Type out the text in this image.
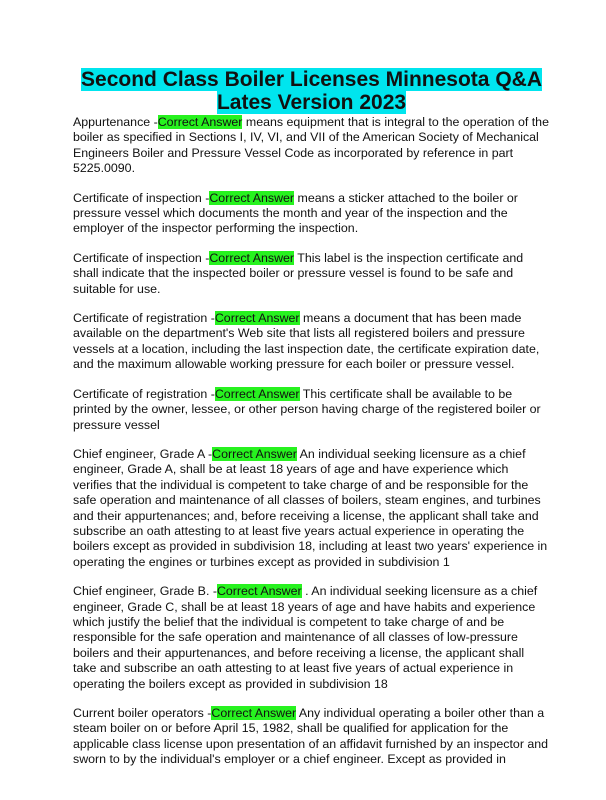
Second Class Boiler Licenses Minnesota Q&A Lates Version 2023

Appurtenance -Correct Answer means equipment that is integral to the operation of the boiler as specified in Sections I, IV, VI, and VII of the American Society of Mechanical Engineers Boiler and Pressure Vessel Code as incorporated by reference in part 5225.0090.

Certificate of inspection -Correct Answer means a sticker attached to the boiler or pressure vessel which documents the month and year of the inspection and the employer of the inspector performing the inspection.

Certificate of inspection -Correct Answer This label is the inspection certificate and shall indicate that the inspected boiler or pressure vessel is found to be safe and suitable for use.

Certificate of registration -Correct Answer means a document that has been made available on the department's Web site that lists all registered boilers and pressure vessels at a location, including the last inspection date, the certificate expiration date, and the maximum allowable working pressure for each boiler or pressure vessel.

Certificate of registration -Correct Answer This certificate shall be available to be printed by the owner, lessee, or other person having charge of the registered boiler or pressure vessel

Chief engineer, Grade A -Correct Answer An individual seeking licensure as a chief engineer, Grade A, shall be at least 18 years of age and have experience which verifies that the individual is competent to take charge of and be responsible for the safe operation and maintenance of all classes of boilers, steam engines, and turbines and their appurtenances; and, before receiving a license, the applicant shall take and subscribe an oath attesting to at least five years actual experience in operating the boilers except as provided in subdivision 18, including at least two years' experience in operating the engines or turbines except as provided in subdivision 1

Chief engineer, Grade B. -Correct Answer . An individual seeking licensure as a chief engineer, Grade C, shall be at least 18 years of age and have habits and experience which justify the belief that the individual is competent to take charge of and be responsible for the safe operation and maintenance of all classes of low-pressure boilers and their appurtenances, and before receiving a license, the applicant shall take and subscribe an oath attesting to at least five years of actual experience in operating the boilers except as provided in subdivision 18

Current boiler operators -Correct Answer Any individual operating a boiler other than a steam boiler on or before April 15, 1982, shall be qualified for application for the applicable class license upon presentation of an affidavit furnished by an inspector and sworn to by the individual's employer or a chief engineer. Except as provided in
